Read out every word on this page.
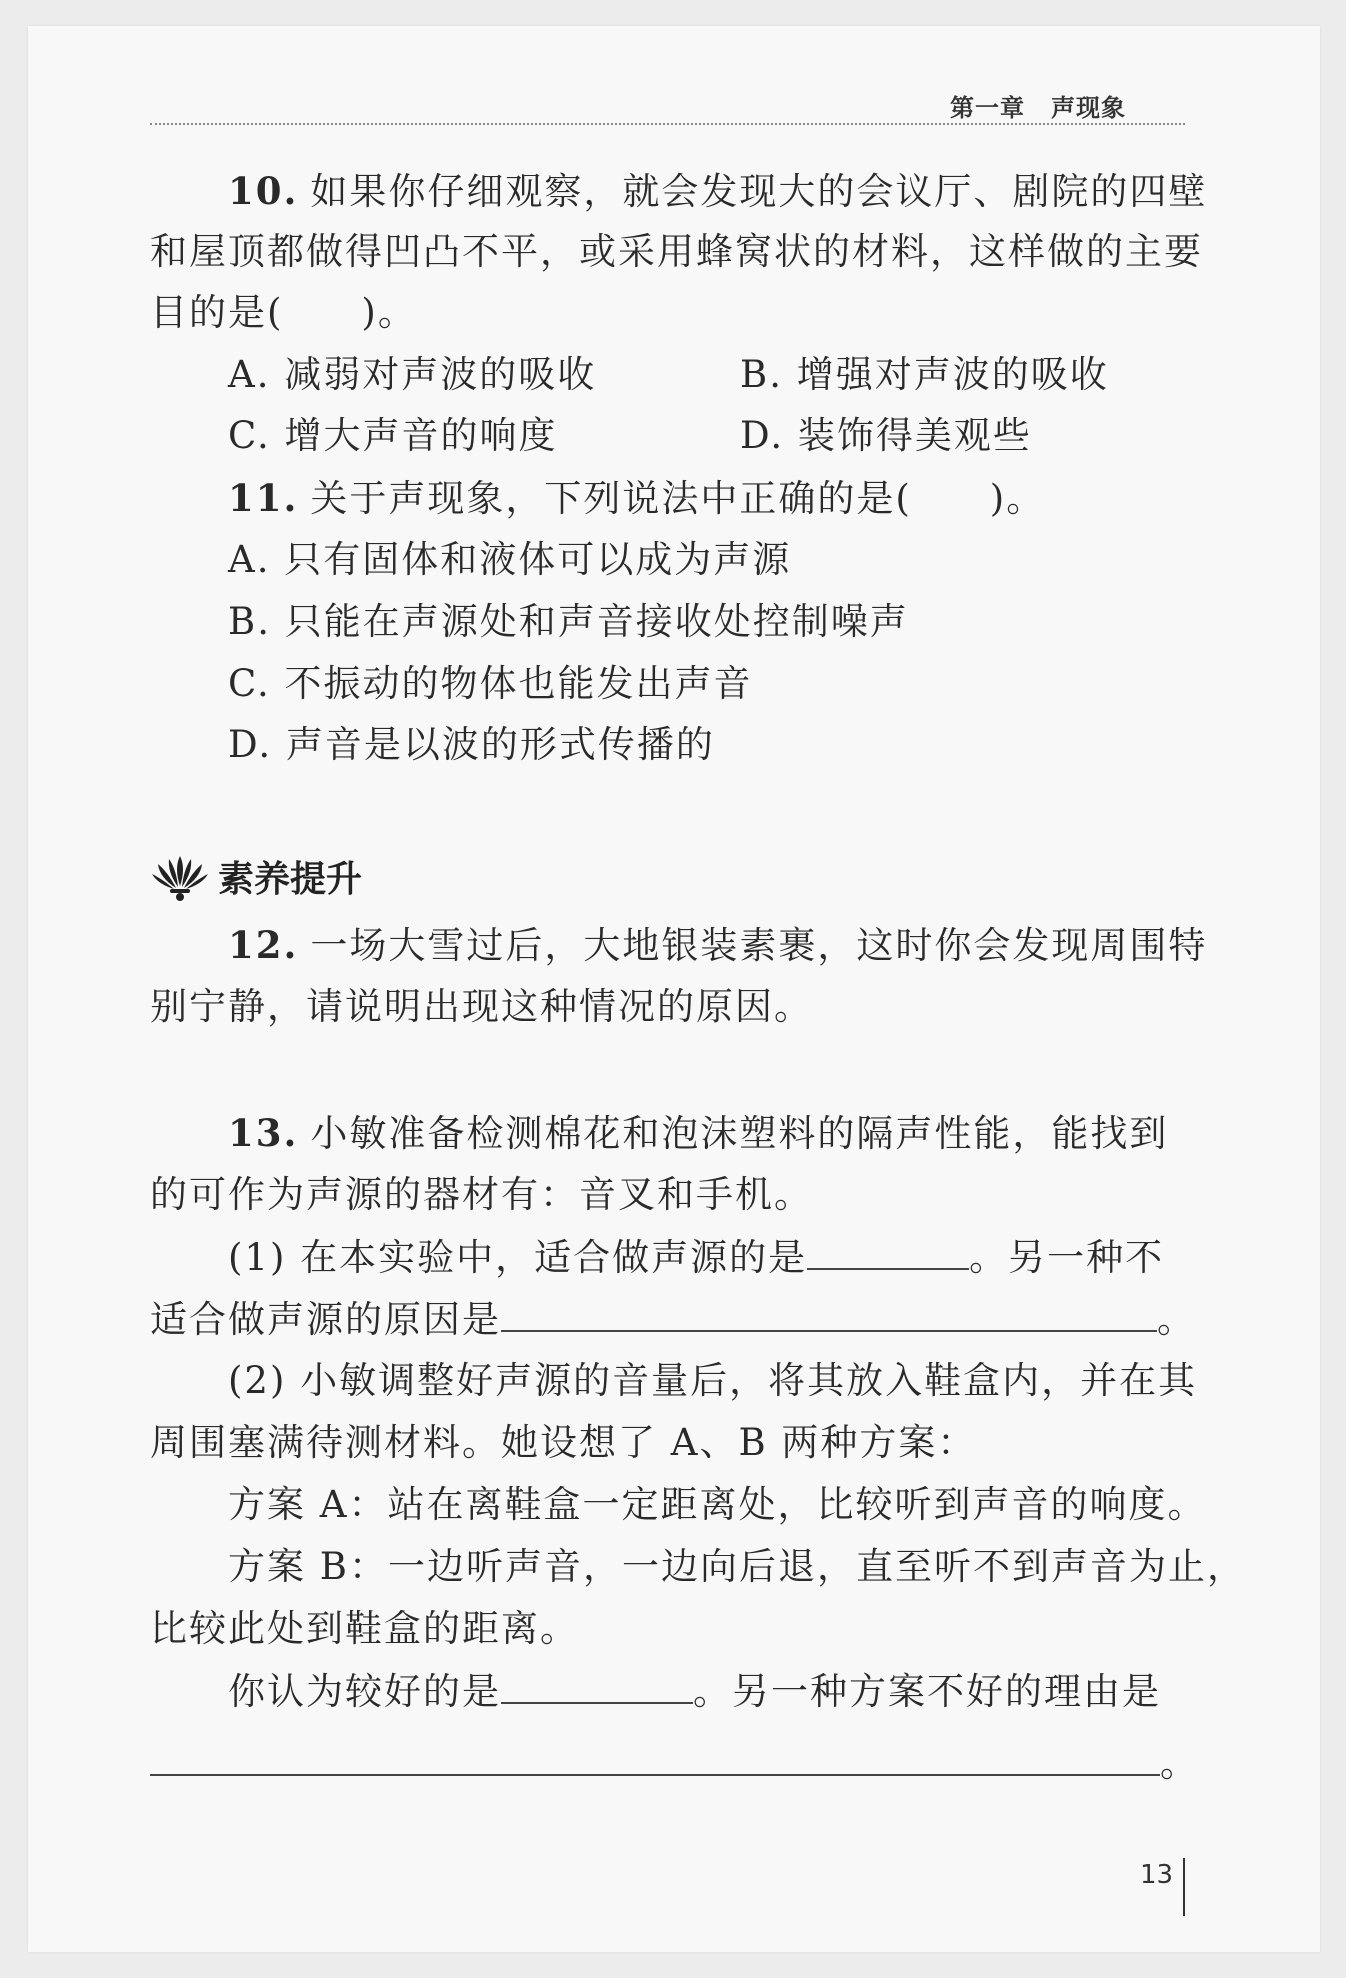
第一章 声现象
10. 如果你仔细观察，就会发现大的会议厅、剧院的四壁
和屋顶都做得凹凸不平，或采用蜂窝状的材料，这样做的主要
目的是(　　)。
A. 减弱对声波的吸收	B. 增强对声波的吸收
C. 增大声音的响度	D. 装饰得美观些
11. 关于声现象，下列说法中正确的是(　　)。
A. 只有固体和液体可以成为声源
B. 只能在声源处和声音接收处控制噪声
C. 不振动的物体也能发出声音
D. 声音是以波的形式传播的
素养提升
12. 一场大雪过后，大地银装素裹，这时你会发现周围特
别宁静，请说明出现这种情况的原因。
13. 小敏准备检测棉花和泡沫塑料的隔声性能，能找到
的可作为声源的器材有：音叉和手机。
(1) 在本实验中，适合做声源的是	。另一种不
适合做声源的原因是	。
(2) 小敏调整好声源的音量后，将其放入鞋盒内，并在其
周围塞满待测材料。她设想了 A、B 两种方案：
方案 A：站在离鞋盒一定距离处，比较听到声音的响度。
方案 B：一边听声音，一边向后退，直至听不到声音为止，
比较此处到鞋盒的距离。
你认为较好的是	。另一种方案不好的理由是
。
13
